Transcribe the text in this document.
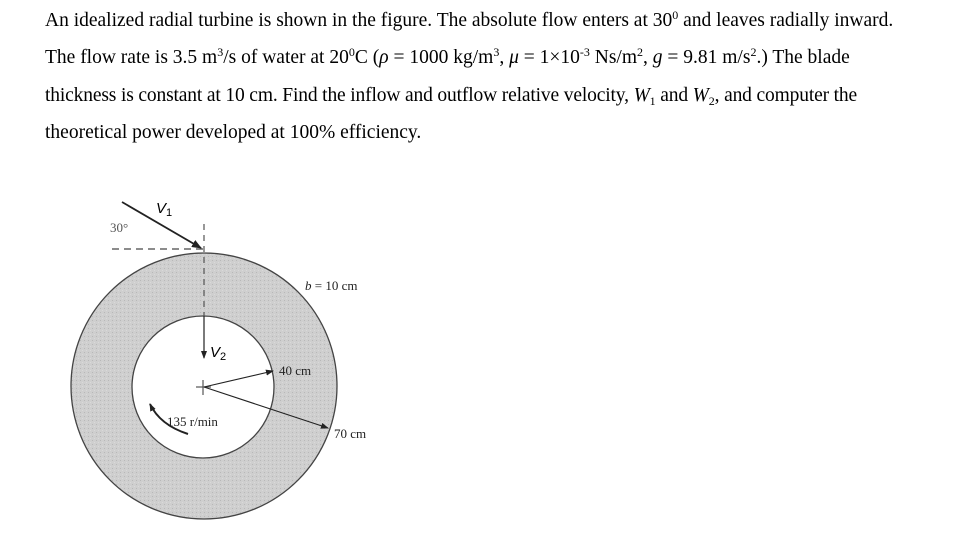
An idealized radial turbine is shown in the figure. The absolute flow enters at $30^0$ and leaves radially inward.
The flow rate is 3.5 $m^3/s$ of water at $20^0C$ (ρ = 1000 $kg/m^3$, $\mu = 1\times 10^{-3}$ $Ns/m^2$, g = 9.81 $m/s^2$.) The blade
thickness is constant at 10 cm. Find the inflow and outflow relative velocity, $W_1$ and $W_2$, and computer the
theoretical power developed at 100% efficiency.
30°
$V_1$
$V_2$
b = 10 cm
40 cm
70 cm
135 r/min
